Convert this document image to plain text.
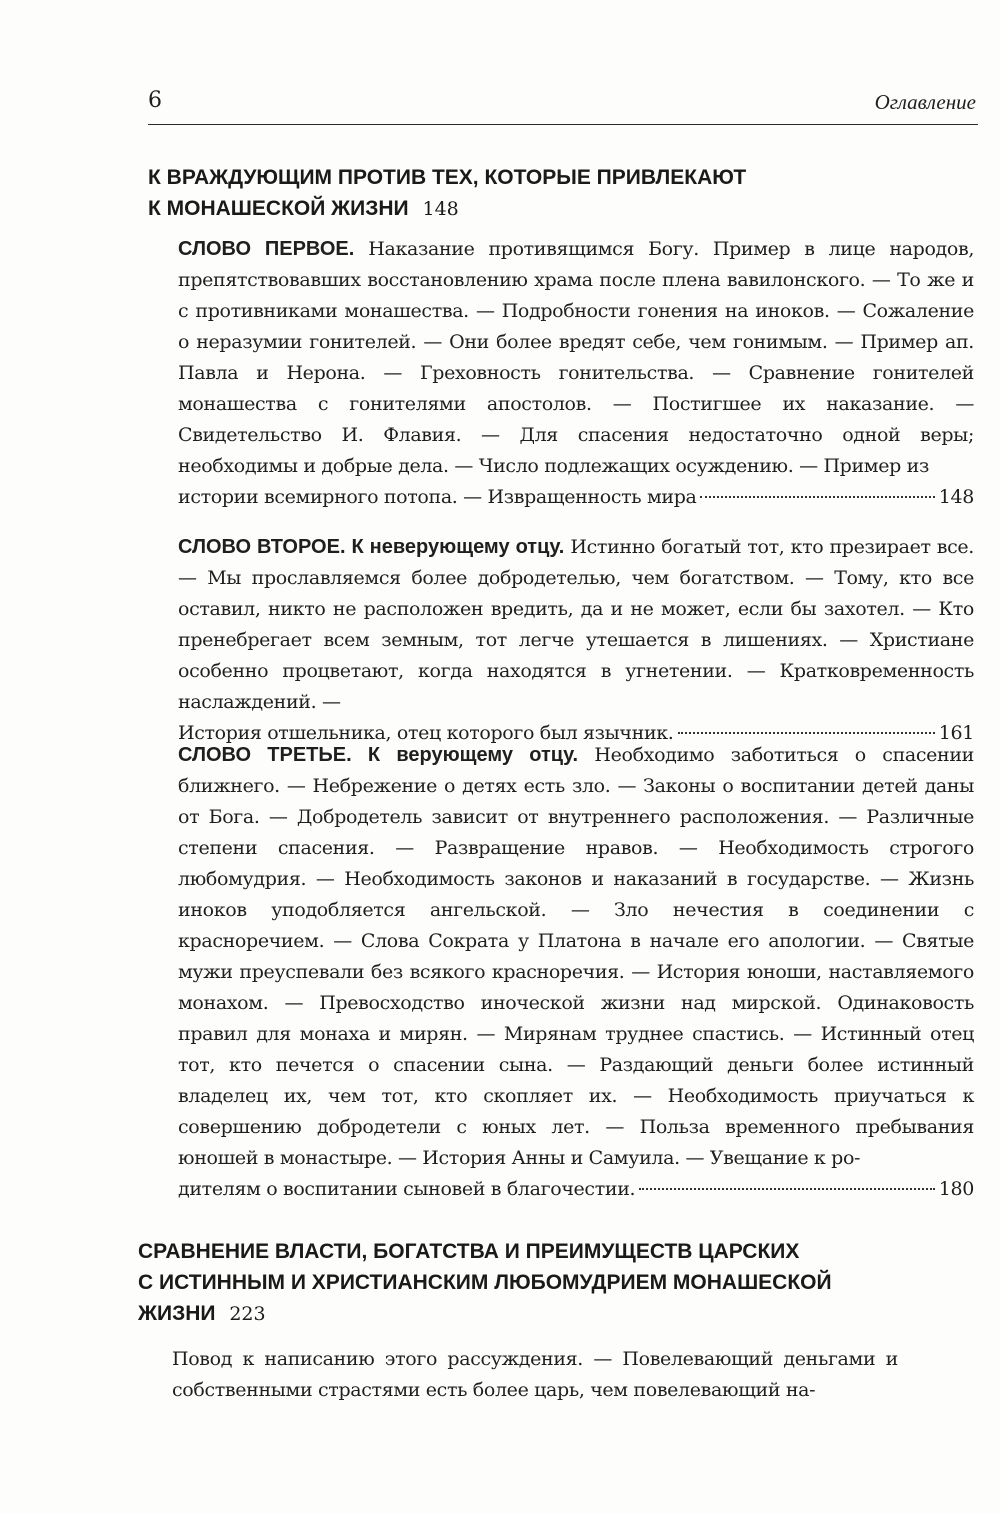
6	Оглавление
К ВРАЖДУЮЩИМ ПРОТИВ ТЕХ, КОТОРЫЕ ПРИВЛЕКАЮТ
К МОНАШЕСКОЙ ЖИЗНИ 148
СЛОВО ПЕРВОЕ. Наказание противящимся Богу. Пример в лице народов, препятствовавших восстановлению храма после плена вавилонского. — То же и с противниками монашества. — Подробности гонения на иноков. — Сожаление о неразумии гонителей. — Они более вредят себе, чем гонимым. — Пример ап. Павла и Нерона. — Греховность гонительства. — Сравнение гонителей монашества с гонителями апостолов. — Постигшее их наказание. — Свидетельство И. Флавия. — Для спасения недостаточно одной веры; необходимы и добрые дела. — Число подлежащих осуждению. — Пример из
истории всемирного потопа. — Извращенность мира	148
СЛОВО ВТОРОЕ. К неверующему отцу. Истинно богатый тот, кто презирает все. — Мы прославляемся более добродетелью, чем богатством. — Тому, кто все оставил, никто не расположен вредить, да и не может, если бы захотел. — Кто пренебрегает всем земным, тот легче утешается в лишениях. — Христиане особенно процветают, когда находятся в угнетении. — Кратковременность наслаждений. —
История отшельника, отец которого был язычник.	161
СЛОВО ТРЕТЬЕ. К верующему отцу. Необходимо заботиться о спасении ближнего. — Небрежение о детях есть зло. — Законы о воспитании детей даны от Бога. — Добродетель зависит от внутреннего расположения. — Различные степени спасения. — Развращение нравов. — Необходимость строгого любомудрия. — Необходимость законов и наказаний в государстве. — Жизнь иноков уподобляется ангельской. — Зло нечестия в соединении с красноречием. — Слова Сократа у Платона в начале его апологии. — Святые мужи преуспевали без всякого красноречия. — История юноши, наставляемого монахом. — Превосходство иноческой жизни над мирской. Одинаковость правил для монаха и мирян. — Мирянам труднее спастись. — Истинный отец тот, кто печется о спасении сына. — Раздающий деньги более истинный владелец их, чем тот, кто скопляет их. — Необходимость приучаться к совершению добродетели с юных лет. — Польза временного пребывания юношей в монастыре. — История Анны и Самуила. — Увещание к ро-
дителям о воспитании сыновей в благочестии.	180
СРАВНЕНИЕ ВЛАСТИ, БОГАТСТВА И ПРЕИМУЩЕСТВ ЦАРСКИХ
С ИСТИННЫМ И ХРИСТИАНСКИМ ЛЮБОМУДРИЕМ МОНАШЕСКОЙ
ЖИЗНИ 223
Повод к написанию этого рассуждения. — Повелевающий деньгами и собственными страстями есть более царь, чем повелевающий на-
